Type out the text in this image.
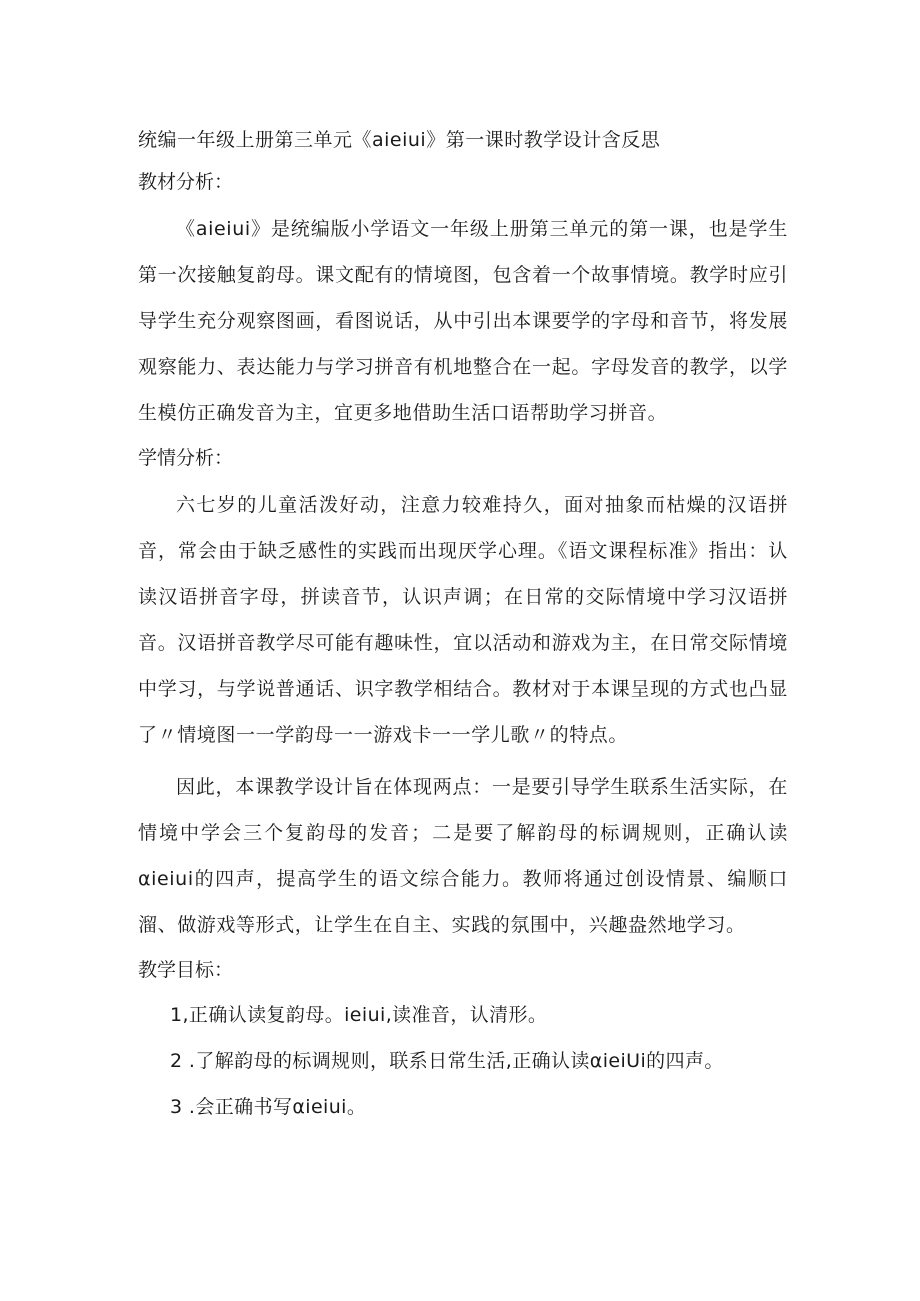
统编一年级上册第三单元《aieiui》第一课时教学设计含反思

教材分析：

《aieiui》是统编版小学语文一年级上册第三单元的第一课，也是学生第一次接触复韵母。课文配有的情境图，包含着一个故事情境。教学时应引导学生充分观察图画，看图说话，从中引出本课要学的字母和音节，将发展观察能力、表达能力与学习拼音有机地整合在一起。字母发音的教学，以学生模仿正确发音为主，宜更多地借助生活口语帮助学习拼音。

学情分析：

六七岁的儿童活泼好动，注意力较难持久，面对抽象而枯燥的汉语拼音，常会由于缺乏感性的实践而出现厌学心理。《语文课程标准》指出：认读汉语拼音字母，拼读音节，认识声调；在日常的交际情境中学习汉语拼音。汉语拼音教学尽可能有趣味性，宜以活动和游戏为主，在日常交际情境中学习，与学说普通话、识字教学相结合。教材对于本课呈现的方式也凸显了〃情境图一一学韵母一一游戏卡一一学儿歌〃的特点。

因此，本课教学设计旨在体现两点：一是要引导学生联系生活实际，在情境中学会三个复韵母的发音；二是要了解韵母的标调规则，正确认读αieiui的四声，提高学生的语文综合能力。教师将通过创设情景、编顺口溜、做游戏等形式，让学生在自主、实践的氛围中，兴趣盎然地学习。

教学目标：

1,正确认读复韵母。ieiui,读准音，认清形。

2 .了解韵母的标调规则，联系日常生活,正确认读αieiUi的四声。

3 .会正确书写αieiui。
